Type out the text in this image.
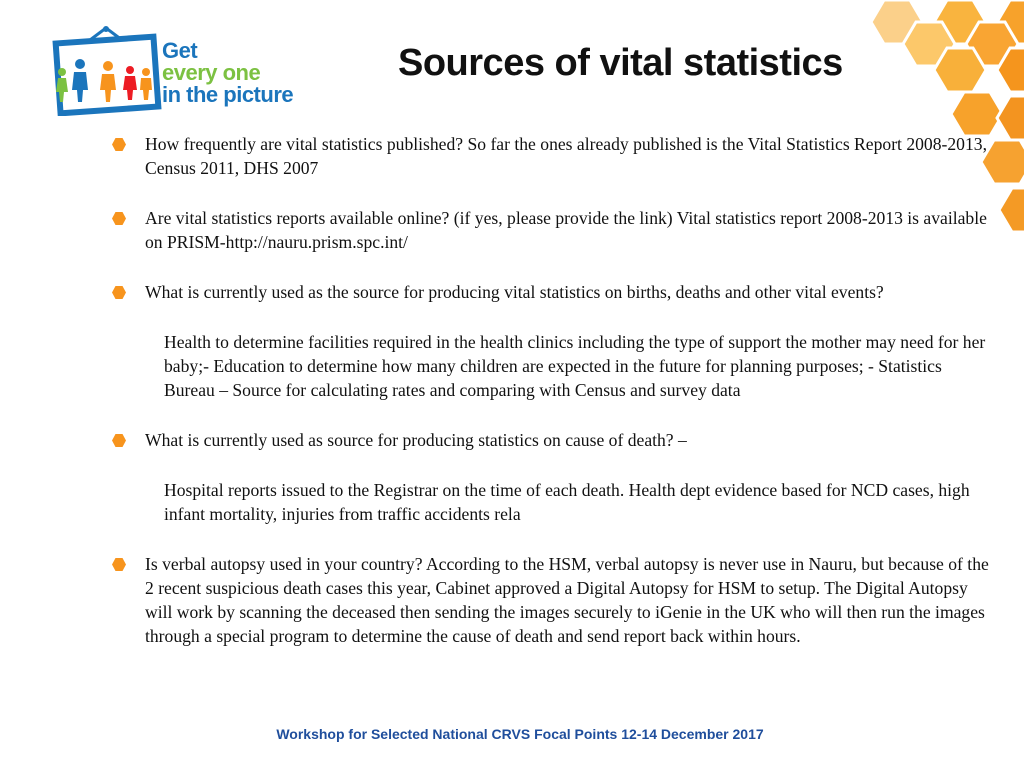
Get
every one
in the picture
Sources of vital statistics
How frequently are vital statistics published? So far the ones already published is the Vital Statistics Report 2008-2013, Census 2011, DHS 2007
Are vital statistics reports available online? (if yes, please provide the link) Vital statistics report 2008-2013 is available on PRISM-http://nauru.prism.spc.int/
What is currently used as the source for producing vital statistics on births, deaths and other vital events?
Health to determine facilities required in the health clinics including the type of support the mother may need for her baby;- Education to determine how many children are expected in the future for planning purposes; - Statistics Bureau – Source for calculating rates and comparing with Census and survey data
What is currently used as source for producing statistics on cause of death? –
Hospital reports issued to the Registrar on the time of each death. Health dept evidence based for NCD cases, high infant mortality, injuries from traffic accidents rela
Is verbal autopsy used in your country? According to the HSM, verbal autopsy is never use in Nauru, but because of the 2 recent suspicious death cases this year, Cabinet approved a Digital Autopsy for HSM to setup. The Digital Autopsy will work by scanning the deceased then sending the images securely to iGenie in the UK who will then run the images through a special program to determine the cause of death and send report back within hours.
Workshop for Selected National CRVS Focal Points 12-14 December 2017
